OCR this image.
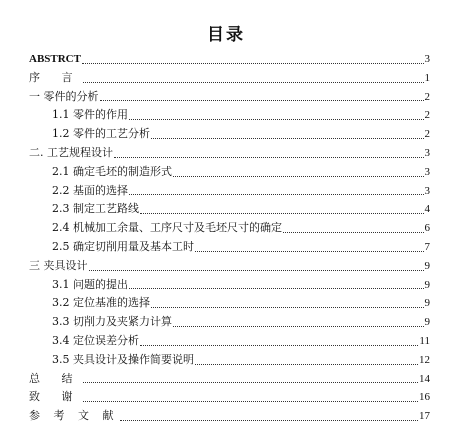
目录
ABSTRCT	3
序 言	1
一 零件的分析	2
1.1 零件的作用	2
1.2 零件的工艺分析	2
二. 工艺规程设计	3
2.1 确定毛坯的制造形式	3
2.2 基面的选择	3
2.3 制定工艺路线	4
2.4 机械加工余量、工序尺寸及毛坯尺寸的确定	6
2.5 确定切削用量及基本工时	7
三 夹具设计	9
3.1 问题的提出	9
3.2 定位基准的选择	9
3.3 切削力及夹紧力计算	9
3.4 定位误差分析	11
3.5 夹具设计及操作简要说明	12
总 结	14
致 谢	16
参 考 文 献	17
